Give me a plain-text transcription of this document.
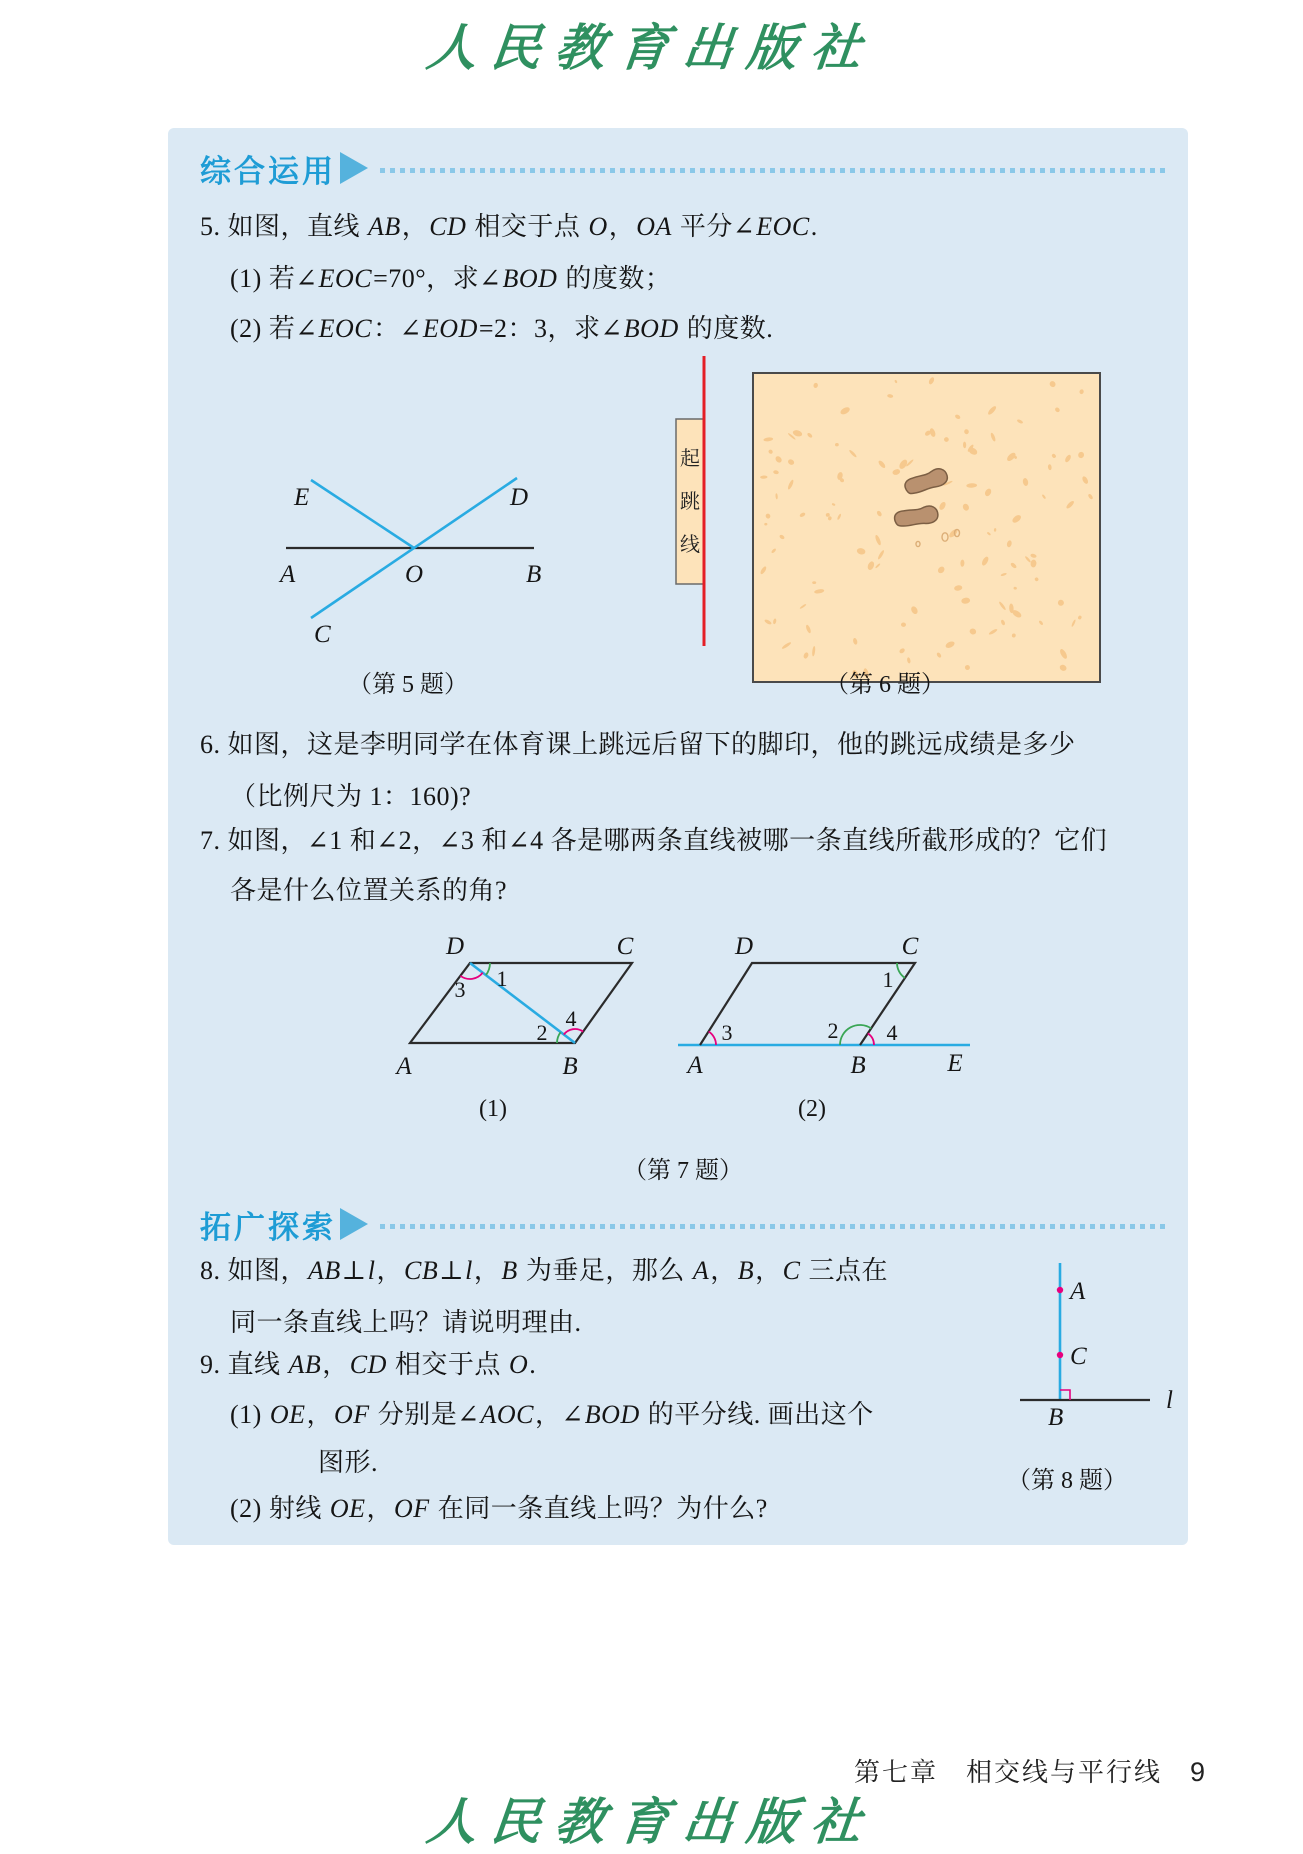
人民教育出版社
综合运用
5. 如图，直线 AB，CD 相交于点 O，OA 平分∠EOC.
(1) 若∠EOC=70°，求∠BOD 的度数；
(2) 若∠EOC：∠EOD=2：3，求∠BOD 的度数.
E	D
A	O	B
C
（第 5 题）
起
跳
线
（第 6 题）
6. 如图，这是李明同学在体育课上跳远后留下的脚印，他的跳远成绩是多少
（比例尺为 1：160)?
7. 如图，∠1 和∠2，∠3 和∠4 各是哪两条直线被哪一条直线所截形成的？它们
各是什么位置关系的角?
1
3
2
4
D	C
A	B
3
1
2 4
D	C
A	B	E
(1)	(2)
（第 7 题）
拓广探索
8. 如图，AB⊥l，CB⊥l，B 为垂足，那么 A，B，C 三点在
同一条直线上吗？请说明理由.
9. 直线 AB，CD 相交于点 O.
(1) OE，OF 分别是∠AOC，∠BOD 的平分线. 画出这个
图形.
(2) 射线 OE，OF 在同一条直线上吗？为什么?
A
C
B
l
（第 8 题）
第七章　相交线与平行线 9
人民教育出版社
